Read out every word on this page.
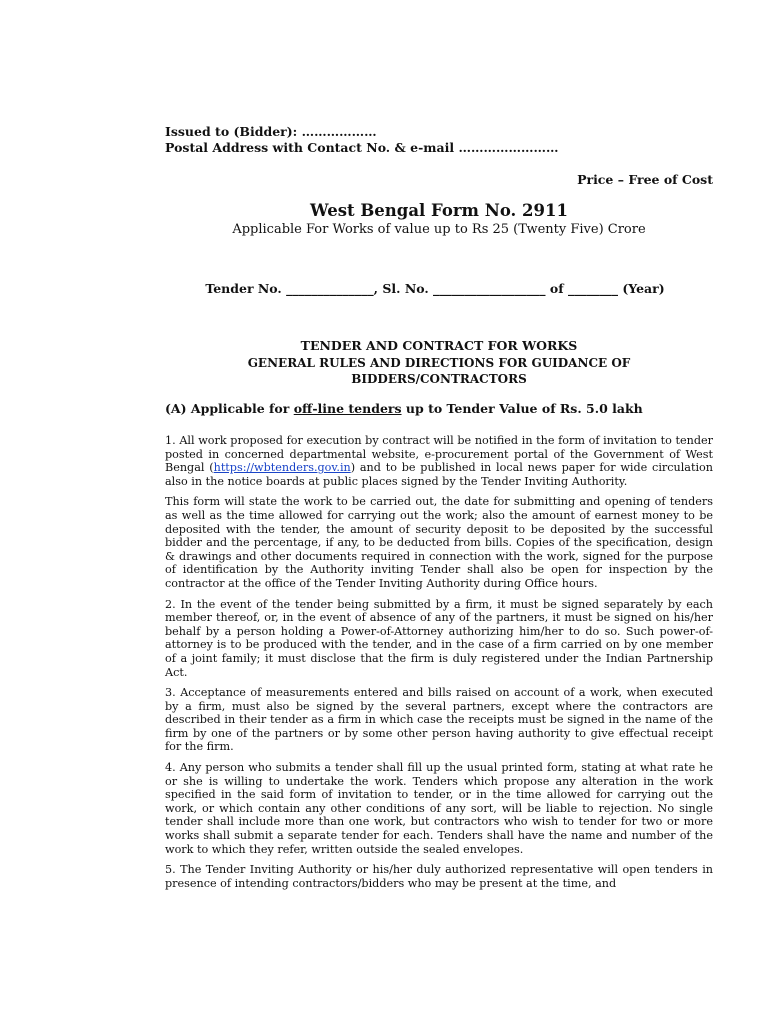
Issued to (Bidder): ………………
Postal Address with Contact No. & e-mail ……………………
Price – Free of Cost
West Bengal Form No. 2911
Applicable For Works of value up to Rs 25 (Twenty Five) Crore
Tender No. ______________, Sl. No. __________________ of ________ (Year)
TENDER AND CONTRACT FOR WORKS
GENERAL RULES AND DIRECTIONS FOR GUIDANCE OF BIDDERS/CONTRACTORS
(A) Applicable for off-line tenders up to Tender Value of Rs. 5.0 lakh

1. All work proposed for execution by contract will be notified in the form of invitation to tender posted in concerned departmental website, e-procurement portal of the Government of West Bengal (https://wbtenders.gov.in) and to be published in local news paper for wide circulation also in the notice boards at public places signed by the Tender Inviting Authority.

This form will state the work to be carried out, the date for submitting and opening of tenders as well as the time allowed for carrying out the work; also the amount of earnest money to be deposited with the tender, the amount of security deposit to be deposited by the successful bidder and the percentage, if any, to be deducted from bills. Copies of the specification, design & drawings and other documents required in connection with the work, signed for the purpose of identification by the Authority inviting Tender shall also be open for inspection by the contractor at the office of the Tender Inviting Authority during Office hours.

2. In the event of the tender being submitted by a firm, it must be signed separately by each member thereof, or, in the event of absence of any of the partners, it must be signed on his/her behalf by a person holding a Power-of-Attorney authorizing him/her to do so. Such power-of-attorney is to be produced with the tender, and in the case of a firm carried on by one member of a joint family; it must disclose that the firm is duly registered under the Indian Partnership Act.

3. Acceptance of measurements entered and bills raised on account of a work, when executed by a firm, must also be signed by the several partners, except where the contractors are described in their tender as a firm in which case the receipts must be signed in the name of the firm by one of the partners or by some other person having authority to give effectual receipt for the firm.

4. Any person who submits a tender shall fill up the usual printed form, stating at what rate he or she is willing to undertake the work. Tenders which propose any alteration in the work specified in the said form of invitation to tender, or in the time allowed for carrying out the work, or which contain any other conditions of any sort, will be liable to rejection. No single tender shall include more than one work, but contractors who wish to tender for two or more works shall submit a separate tender for each. Tenders shall have the name and number of the work to which they refer, written outside the sealed envelopes.

5. The Tender Inviting Authority or his/her duly authorized representative will open tenders in presence of intending contractors/bidders who may be present at the time, and
